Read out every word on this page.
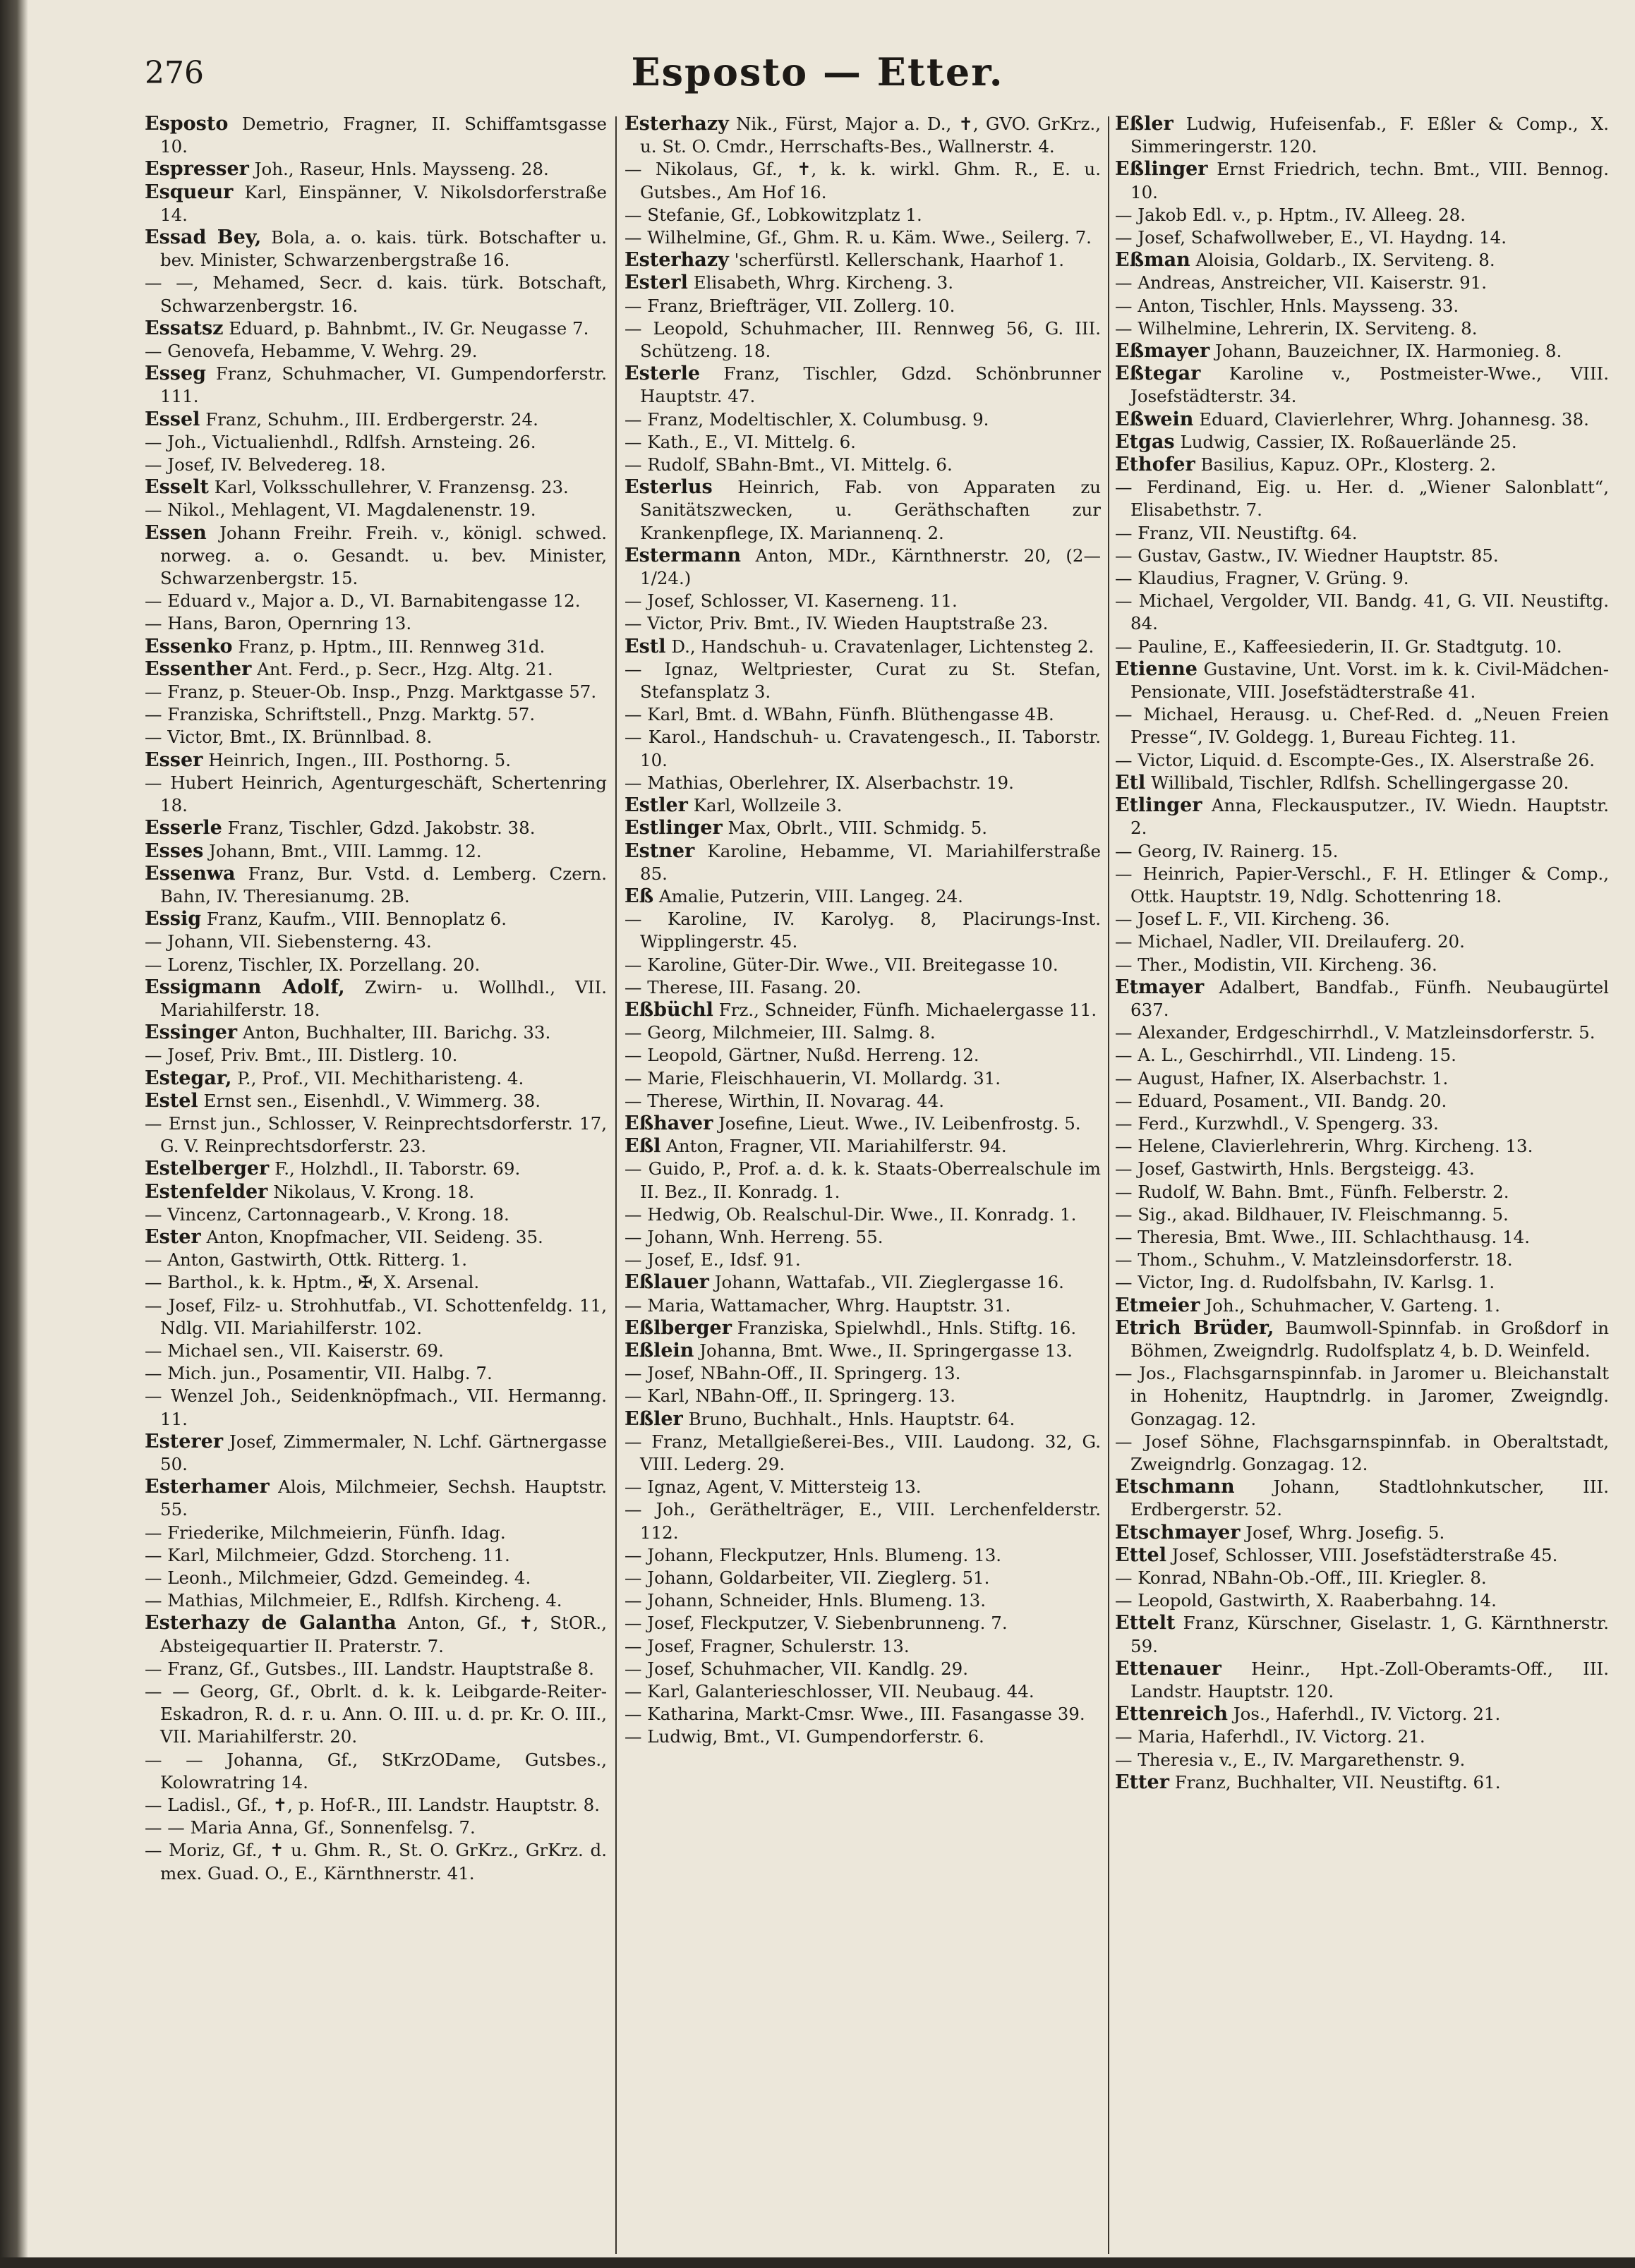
276	Esposto — Etter.

Esposto Demetrio, Fragner, II. Schiffamtsgasse 10.

Espresser Joh., Raseur, Hnls. Maysseng. 28.

Esqueur Karl, Einspänner, V. Nikolsdorferstraße 14.

Essad Bey, Bola, a. o. kais. türk. Botschafter u. bev. Minister, Schwarzenbergstraße 16.

— —, Mehamed, Secr. d. kais. türk. Botschaft, Schwarzenbergstr. 16.

Essatsz Eduard, p. Bahnbmt., IV. Gr. Neugasse 7.

— Genovefa, Hebamme, V. Wehrg. 29.

Esseg Franz, Schuhmacher, VI. Gumpendorferstr. 111.

Essel Franz, Schuhm., III. Erdbergerstr. 24.

— Joh., Victualienhdl., Rdlfsh. Arnsteing. 26.

— Josef, IV. Belvedereg. 18.

Esselt Karl, Volksschullehrer, V. Franzensg. 23.

— Nikol., Mehlagent, VI. Magdalenenstr. 19.

Essen Johann Freihr. Freih. v., königl. schwed. norweg. a. o. Gesandt. u. bev. Minister, Schwarzenbergstr. 15.

— Eduard v., Major a. D., VI. Barnabitengasse 12.

— Hans, Baron, Opernring 13.

Essenko Franz, p. Hptm., III. Rennweg 31d.

Essenther Ant. Ferd., p. Secr., Hzg. Altg. 21.

— Franz, p. Steuer-Ob. Insp., Pnzg. Marktgasse 57.

— Franziska, Schriftstell., Pnzg. Marktg. 57.

— Victor, Bmt., IX. Brünnlbad. 8.

Esser Heinrich, Ingen., III. Posthorng. 5.

— Hubert Heinrich, Agenturgeschäft, Schertenring 18.

Esserle Franz, Tischler, Gdzd. Jakobstr. 38.

Esses Johann, Bmt., VIII. Lammg. 12.

Essenwa Franz, Bur. Vstd. d. Lemberg. Czern. Bahn, IV. Theresianumg. 2B.

Essig Franz, Kaufm., VIII. Bennoplatz 6.

— Johann, VII. Siebensterng. 43.

— Lorenz, Tischler, IX. Porzellang. 20.

Essigmann Adolf, Zwirn- u. Wollhdl., VII. Mariahilferstr. 18.

Essinger Anton, Buchhalter, III. Barichg. 33.

— Josef, Priv. Bmt., III. Distlerg. 10.

Estegar, P., Prof., VII. Mechitharisteng. 4.

Estel Ernst sen., Eisenhdl., V. Wimmerg. 38.

— Ernst jun., Schlosser, V. Reinprechtsdorferstr. 17, G. V. Reinprechtsdorferstr. 23.

Estelberger F., Holzhdl., II. Taborstr. 69.

Estenfelder Nikolaus, V. Krong. 18.

— Vincenz, Cartonnagearb., V. Krong. 18.

Ester Anton, Knopfmacher, VII. Seideng. 35.

— Anton, Gastwirth, Ottk. Ritterg. 1.

— Barthol., k. k. Hptm., ✠, X. Arsenal.

— Josef, Filz- u. Strohhutfab., VI. Schottenfeldg. 11, Ndlg. VII. Mariahilferstr. 102.

— Michael sen., VII. Kaiserstr. 69.

— Mich. jun., Posamentir, VII. Halbg. 7.

— Wenzel Joh., Seidenknöpfmach., VII. Hermanng. 11.

Esterer Josef, Zimmermaler, N. Lchf. Gärtnergasse 50.

Esterhamer Alois, Milchmeier, Sechsh. Hauptstr. 55.

— Friederike, Milchmeierin, Fünfh. Idag.

— Karl, Milchmeier, Gdzd. Storcheng. 11.

— Leonh., Milchmeier, Gdzd. Gemeindeg. 4.

— Mathias, Milchmeier, E., Rdlfsh. Kircheng. 4.

Esterhazy de Galantha Anton, Gf., ✝, StOR., Absteigequartier II. Praterstr. 7.

— Franz, Gf., Gutsbes., III. Landstr. Hauptstraße 8.

— — Georg, Gf., Obrlt. d. k. k. Leibgarde-Reiter-Eskadron, R. d. r. u. Ann. O. III. u. d. pr. Kr. O. III., VII. Mariahilferstr. 20.

— — Johanna, Gf., StKrzODame, Gutsbes., Kolowratring 14.

— Ladisl., Gf., ✝, p. Hof-R., III. Landstr. Hauptstr. 8.

— — Maria Anna, Gf., Sonnenfelsg. 7.

— Moriz, Gf., ✝ u. Ghm. R., St. O. GrKrz., GrKrz. d. mex. Guad. O., E., Kärnthnerstr. 41.

Esterhazy Nik., Fürst, Major a. D., ✝, GVO. GrKrz., u. St. O. Cmdr., Herrschafts-Bes., Wallnerstr. 4.

— Nikolaus, Gf., ✝, k. k. wirkl. Ghm. R., E. u. Gutsbes., Am Hof 16.

— Stefanie, Gf., Lobkowitzplatz 1.

— Wilhelmine, Gf., Ghm. R. u. Käm. Wwe., Seilerg. 7.

Esterhazy 'scherfürstl. Kellerschank, Haarhof 1.

Esterl Elisabeth, Whrg. Kircheng. 3.

— Franz, Briefträger, VII. Zollerg. 10.

— Leopold, Schuhmacher, III. Rennweg 56, G. III. Schützeng. 18.

Esterle Franz, Tischler, Gdzd. Schönbrunner Hauptstr. 47.

— Franz, Modeltischler, X. Columbusg. 9.

— Kath., E., VI. Mittelg. 6.

— Rudolf, SBahn-Bmt., VI. Mittelg. 6.

Esterlus Heinrich, Fab. von Apparaten zu Sanitätszwecken, u. Geräthschaften zur Krankenpflege, IX. Mariannenq. 2.

Estermann Anton, MDr., Kärnthnerstr. 20, (2—1/24.)

— Josef, Schlosser, VI. Kaserneng. 11.

— Victor, Priv. Bmt., IV. Wieden Hauptstraße 23.

Estl D., Handschuh- u. Cravatenlager, Lichtensteg 2.

— Ignaz, Weltpriester, Curat zu St. Stefan, Stefansplatz 3.

— Karl, Bmt. d. WBahn, Fünfh. Blüthengasse 4B.

— Karol., Handschuh- u. Cravatengesch., II. Taborstr. 10.

— Mathias, Oberlehrer, IX. Alserbachstr. 19.

Estler Karl, Wollzeile 3.

Estlinger Max, Obrlt., VIII. Schmidg. 5.

Estner Karoline, Hebamme, VI. Mariahilferstraße 85.

Eß Amalie, Putzerin, VIII. Langeg. 24.

— Karoline, IV. Karolyg. 8, Placirungs-Inst. Wipplingerstr. 45.

— Karoline, Güter-Dir. Wwe., VII. Breitegasse 10.

— Therese, III. Fasang. 20.

Eßbüchl Frz., Schneider, Fünfh. Michaelergasse 11.

— Georg, Milchmeier, III. Salmg. 8.

— Leopold, Gärtner, Nußd. Herreng. 12.

— Marie, Fleischhauerin, VI. Mollardg. 31.

— Therese, Wirthin, II. Novarag. 44.

Eßhaver Josefine, Lieut. Wwe., IV. Leibenfrostg. 5.

Eßl Anton, Fragner, VII. Mariahilferstr. 94.

— Guido, P., Prof. a. d. k. k. Staats-Oberrealschule im II. Bez., II. Konradg. 1.

— Hedwig, Ob. Realschul-Dir. Wwe., II. Konradg. 1.

— Johann, Wnh. Herreng. 55.

— Josef, E., Idsf. 91.

Eßlauer Johann, Wattafab., VII. Zieglergasse 16.

— Maria, Wattamacher, Whrg. Hauptstr. 31.

Eßlberger Franziska, Spielwhdl., Hnls. Stiftg. 16.

Eßlein Johanna, Bmt. Wwe., II. Springergasse 13.

— Josef, NBahn-Off., II. Springerg. 13.

— Karl, NBahn-Off., II. Springerg. 13.

Eßler Bruno, Buchhalt., Hnls. Hauptstr. 64.

— Franz, Metallgießerei-Bes., VIII. Laudong. 32, G. VIII. Lederg. 29.

— Ignaz, Agent, V. Mittersteig 13.

— Joh., Geräthelträger, E., VIII. Lerchenfelderstr. 112.

— Johann, Fleckputzer, Hnls. Blumeng. 13.

— Johann, Goldarbeiter, VII. Zieglerg. 51.

— Johann, Schneider, Hnls. Blumeng. 13.

— Josef, Fleckputzer, V. Siebenbrunneng. 7.

— Josef, Fragner, Schulerstr. 13.

— Josef, Schuhmacher, VII. Kandlg. 29.

— Karl, Galanterieschlosser, VII. Neubaug. 44.

— Katharina, Markt-Cmsr. Wwe., III. Fasangasse 39.

— Ludwig, Bmt., VI. Gumpendorferstr. 6.

Eßler Ludwig, Hufeisenfab., F. Eßler & Comp., X. Simmeringerstr. 120.

Eßlinger Ernst Friedrich, techn. Bmt., VIII. Bennog. 10.

— Jakob Edl. v., p. Hptm., IV. Alleeg. 28.

— Josef, Schafwollweber, E., VI. Haydng. 14.

Eßman Aloisia, Goldarb., IX. Serviteng. 8.

— Andreas, Anstreicher, VII. Kaiserstr. 91.

— Anton, Tischler, Hnls. Maysseng. 33.

— Wilhelmine, Lehrerin, IX. Serviteng. 8.

Eßmayer Johann, Bauzeichner, IX. Harmonieg. 8.

Eßtegar Karoline v., Postmeister-Wwe., VIII. Josefstädterstr. 34.

Eßwein Eduard, Clavierlehrer, Whrg. Johannesg. 38.

Etgas Ludwig, Cassier, IX. Roßauerlände 25.

Ethofer Basilius, Kapuz. OPr., Klosterg. 2.

— Ferdinand, Eig. u. Her. d. „Wiener Salonblatt“, Elisabethstr. 7.

— Franz, VII. Neustiftg. 64.

— Gustav, Gastw., IV. Wiedner Hauptstr. 85.

— Klaudius, Fragner, V. Grüng. 9.

— Michael, Vergolder, VII. Bandg. 41, G. VII. Neustiftg. 84.

— Pauline, E., Kaffeesiederin, II. Gr. Stadtgutg. 10.

Etienne Gustavine, Unt. Vorst. im k. k. Civil-Mädchen-Pensionate, VIII. Josefstädterstraße 41.

— Michael, Herausg. u. Chef-Red. d. „Neuen Freien Presse“, IV. Goldegg. 1, Bureau Fichteg. 11.

— Victor, Liquid. d. Escompte-Ges., IX. Alserstraße 26.

Etl Willibald, Tischler, Rdlfsh. Schellingergasse 20.

Etlinger Anna, Fleckausputzer., IV. Wiedn. Hauptstr. 2.

— Georg, IV. Rainerg. 15.

— Heinrich, Papier-Verschl., F. H. Etlinger & Comp., Ottk. Hauptstr. 19, Ndlg. Schottenring 18.

— Josef L. F., VII. Kircheng. 36.

— Michael, Nadler, VII. Dreilauferg. 20.

— Ther., Modistin, VII. Kircheng. 36.

Etmayer Adalbert, Bandfab., Fünfh. Neubaugürtel 637.

— Alexander, Erdgeschirrhdl., V. Matzleinsdorferstr. 5.

— A. L., Geschirrhdl., VII. Lindeng. 15.

— August, Hafner, IX. Alserbachstr. 1.

— Eduard, Posament., VII. Bandg. 20.

— Ferd., Kurzwhdl., V. Spengerg. 33.

— Helene, Clavierlehrerin, Whrg. Kircheng. 13.

— Josef, Gastwirth, Hnls. Bergsteigg. 43.

— Rudolf, W. Bahn. Bmt., Fünfh. Felberstr. 2.

— Sig., akad. Bildhauer, IV. Fleischmanng. 5.

— Theresia, Bmt. Wwe., III. Schlachthausg. 14.

— Thom., Schuhm., V. Matzleinsdorferstr. 18.

— Victor, Ing. d. Rudolfsbahn, IV. Karlsg. 1.

Etmeier Joh., Schuhmacher, V. Garteng. 1.

Etrich Brüder, Baumwoll-Spinnfab. in Großdorf in Böhmen, Zweigndrlg. Rudolfsplatz 4, b. D. Weinfeld.

— Jos., Flachsgarnspinnfab. in Jaromer u. Bleichanstalt in Hohenitz, Hauptndrlg. in Jaromer, Zweigndlg. Gonzagag. 12.

— Josef Söhne, Flachsgarnspinnfab. in Oberaltstadt, Zweigndrlg. Gonzagag. 12.

Etschmann Johann, Stadtlohnkutscher, III. Erdbergerstr. 52.

Etschmayer Josef, Whrg. Josefig. 5.

Ettel Josef, Schlosser, VIII. Josefstädterstraße 45.

— Konrad, NBahn-Ob.-Off., III. Kriegler. 8.

— Leopold, Gastwirth, X. Raaberbahng. 14.

Ettelt Franz, Kürschner, Giselastr. 1, G. Kärnthnerstr. 59.

Ettenauer Heinr., Hpt.-Zoll-Oberamts-Off., III. Landstr. Hauptstr. 120.

Ettenreich Jos., Haferhdl., IV. Victorg. 21.

— Maria, Haferhdl., IV. Victorg. 21.

— Theresia v., E., IV. Margarethenstr. 9.

Etter Franz, Buchhalter, VII. Neustiftg. 61.
